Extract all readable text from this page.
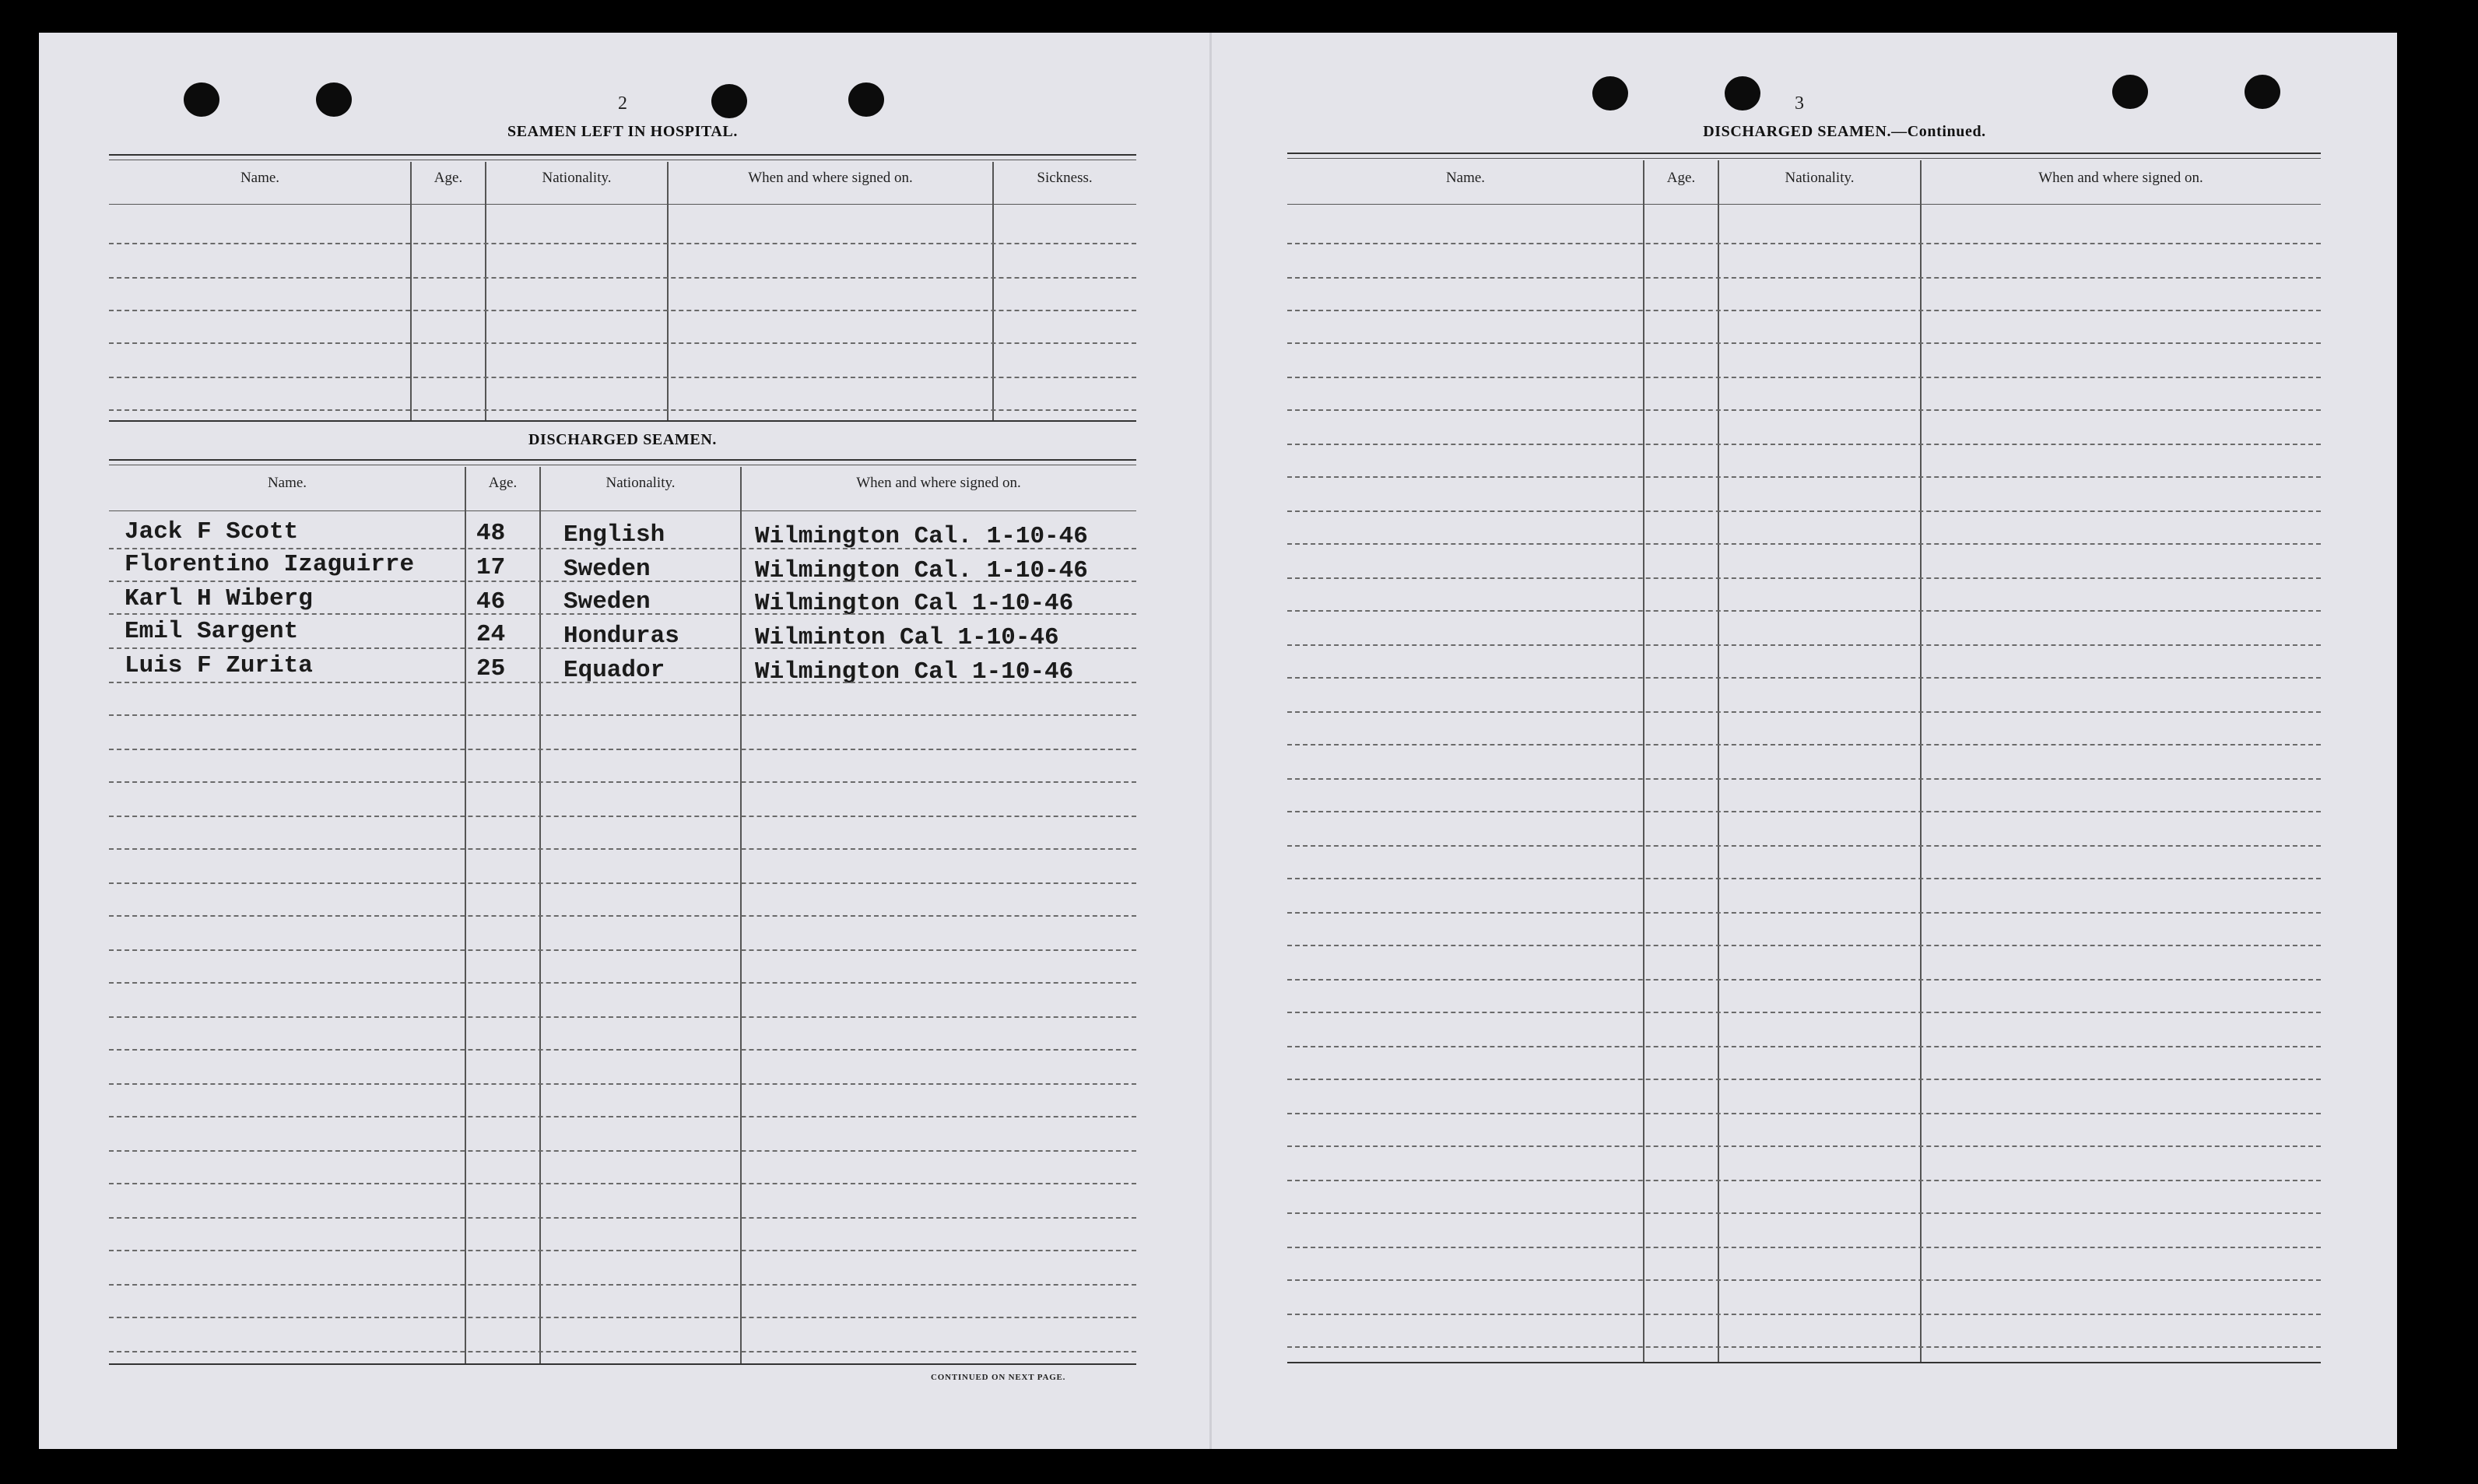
2
SEAMEN LEFT IN HOSPITAL.
Name.	Age.	Nationality.	When and where signed on.	Sickness.
DISCHARGED SEAMEN.
Name.	Age.	Nationality.	When and where signed on.
Jack F Scott	48 English	Wilmington Cal. 1-10-46
Florentino Izaguirre	17 Sweden	Wilmington Cal. 1-10-46
Karl H Wiberg	46 Sweden	Wilmington Cal 1-10-46
Emil Sargent	24 Honduras	Wilminton Cal 1-10-46
Luis F Zurita	25 Equador	Wilmington Cal 1-10-46
CONTINUED ON NEXT PAGE.
3
DISCHARGED SEAMEN.—Continued.
Name.	Age.	Nationality.	When and where signed on.
